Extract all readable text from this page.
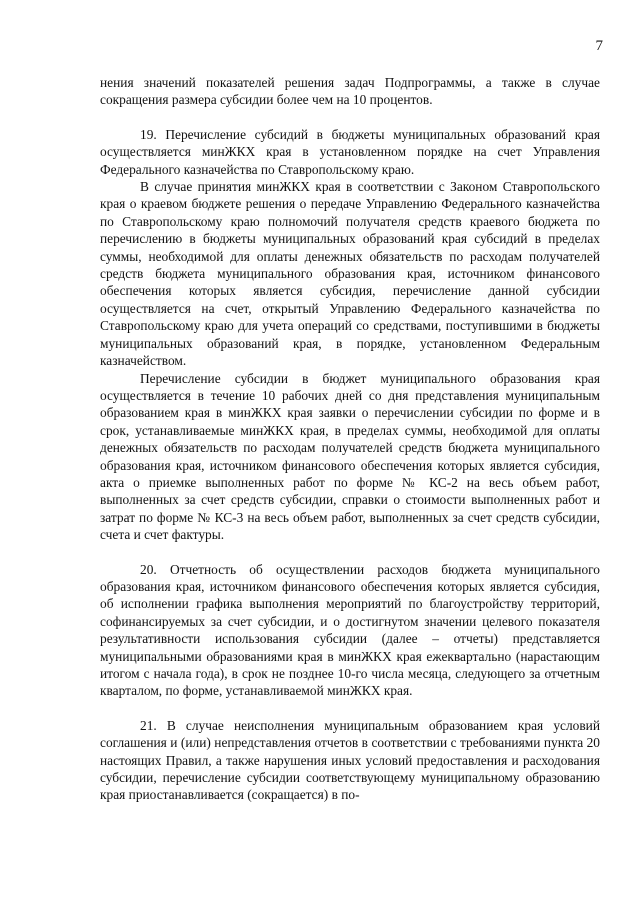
7

нения значений показателей решения задач Подпрограммы, а также в случае сокращения размера субсидии более чем на 10 процентов.

19. Перечисление субсидий в бюджеты муниципальных образований края осуществляется минЖКХ края в установленном порядке на счет Управления Федерального казначейства по Ставропольскому краю.

В случае принятия минЖКХ края в соответствии с Законом Ставропольского края о краевом бюджете решения о передаче Управлению Федерального казначейства по Ставропольскому краю полномочий получателя средств краевого бюджета по перечислению в бюджеты муниципальных образований края субсидий в пределах суммы, необходимой для оплаты денежных обязательств по расходам получателей средств бюджета муниципального образования края, источником финансового обеспечения которых является субсидия, перечисление данной субсидии осуществляется на счет, открытый Управлению Федерального казначейства по Ставропольскому краю для учета операций со средствами, поступившими в бюджеты муниципальных образований края, в порядке, установленном Федеральным казначейством.

Перечисление субсидии в бюджет муниципального образования края осуществляется в течение 10 рабочих дней со дня представления муниципальным образованием края в минЖКХ края заявки о перечислении субсидии по форме и в срок, устанавливаемые минЖКХ края, в пределах суммы, необходимой для оплаты денежных обязательств по расходам получателей средств бюджета муниципального образования края, источником финансового обеспечения которых является субсидия, акта о приемке выполненных работ по форме № КС-2 на весь объем работ, выполненных за счет средств субсидии, справки о стоимости выполненных работ и затрат по форме № КС-3 на весь объем работ, выполненных за счет средств субсидии, счета и счет фактуры.

20. Отчетность об осуществлении расходов бюджета муниципального образования края, источником финансового обеспечения которых является субсидия, об исполнении графика выполнения мероприятий по благоустройству территорий, софинансируемых за счет субсидии, и о достигнутом значении целевого показателя результативности использования субсидии (далее – отчеты) представляется муниципальными образованиями края в минЖКХ края ежеквартально (нарастающим итогом с начала года), в срок не позднее 10-го числа месяца, следующего за отчетным кварталом, по форме, устанавливаемой минЖКХ края.

21. В случае неисполнения муниципальным образованием края условий соглашения и (или) непредставления отчетов в соответствии с требованиями пункта 20 настоящих Правил, а также нарушения иных условий предоставления и расходования субсидии, перечисление субсидии соответствующему муниципальному образованию края приостанавливается (сокращается) в по-
